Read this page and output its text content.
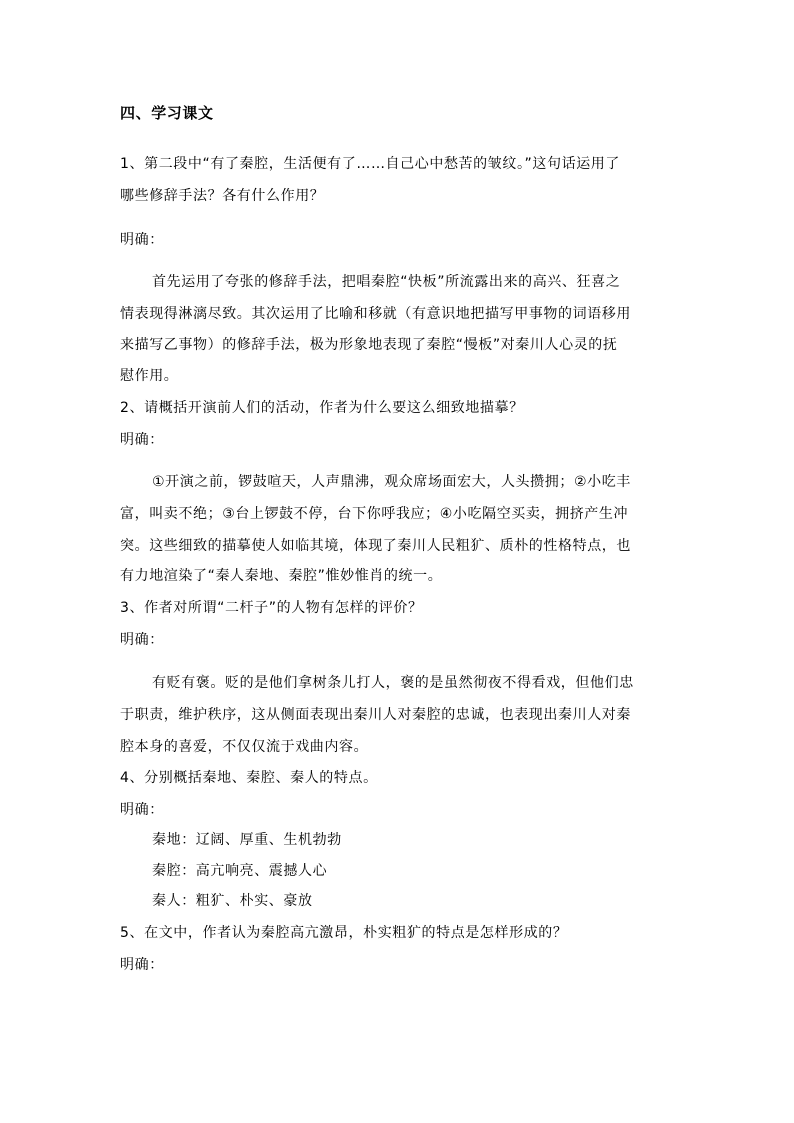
四、学习课文
1、第二段中“有了秦腔，生活便有了……自己心中愁苦的皱纹。”这句话运用了
哪些修辞手法？各有什么作用？
明确：
首先运用了夸张的修辞手法，把唱秦腔“快板”所流露出来的高兴、狂喜之
情表现得淋漓尽致。其次运用了比喻和移就（有意识地把描写甲事物的词语移用
来描写乙事物）的修辞手法，极为形象地表现了秦腔“慢板”对秦川人心灵的抚
慰作用。
2、请概括开演前人们的活动，作者为什么要这么细致地描摹？
明确：
①开演之前，锣鼓喧天，人声鼎沸，观众席场面宏大，人头攒拥；②小吃丰
富，叫卖不绝；③台上锣鼓不停，台下你呼我应；④小吃隔空买卖，拥挤产生冲
突。这些细致的描摹使人如临其境，体现了秦川人民粗犷、质朴的性格特点，也
有力地渲染了“秦人秦地、秦腔”惟妙惟肖的统一。
3、作者对所谓“二杆子”的人物有怎样的评价？
明确：
有贬有褒。贬的是他们拿树条儿打人，褒的是虽然彻夜不得看戏，但他们忠
于职责，维护秩序，这从侧面表现出秦川人对秦腔的忠诚，也表现出秦川人对秦
腔本身的喜爱，不仅仅流于戏曲内容。
4、分别概括秦地、秦腔、秦人的特点。
明确：
秦地：辽阔、厚重、生机勃勃
秦腔：高亢响亮、震撼人心
秦人：粗犷、朴实、豪放
5、在文中，作者认为秦腔高亢激昂，朴实粗犷的特点是怎样形成的？
明确：
